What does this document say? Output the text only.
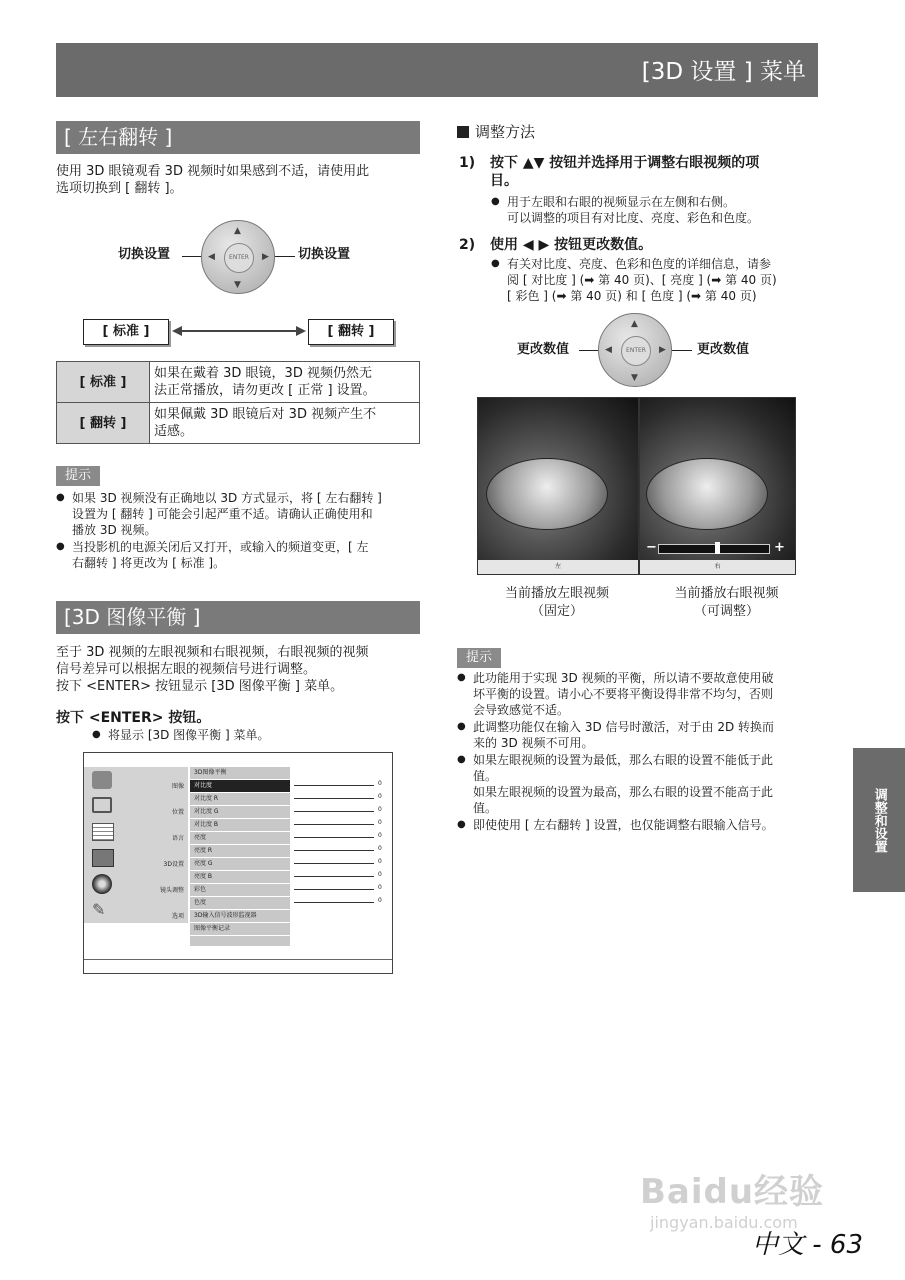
[3D 设置 ] 菜单
[ 左右翻转 ]
使用 3D 眼镜观看 3D 视频时如果感到不适，请使用此
选项切换到 [ 翻转 ]。
切换设置
▲
▼
◀	▶
ENTER	切换设置
[ 标准 ]	[ 翻转 ]
[ 标准 ]	如果在戴着 3D 眼镜，3D 视频仍然无
法正常播放，请勿更改 [ 正常 ] 设置。

[ 翻转 ]	如果佩戴 3D 眼镜后对 3D 视频产生不
适感。
提示
● 如果 3D 视频没有正确地以 3D 方式显示，将 [ 左右翻转 ]
设置为 [ 翻转 ] 可能会引起严重不适。请确认正确使用和
播放 3D 视频。
● 当投影机的电源关闭后又打开，或输入的频道变更，[ 左
右翻转 ] 将更改为 [ 标准 ]。
[3D 图像平衡 ]
至于 3D 视频的左眼视频和右眼视频，右眼视频的视频
信号差异可以根据左眼的视频信号进行调整。
按下 <ENTER> 按钮显示 [3D 图像平衡 ] 菜单。
按下 <ENTER> 按钮。
● 将显示 [3D 图像平衡 ] 菜单。
✎
图像
位置
语言
3D设置
镜头调整
选项
3D图像平衡
对比度
对比度 R
对比度 G
对比度 B
亮度
亮度 R
亮度 G
亮度 B
彩色
色度
3D输入信号波形监视器
图像平衡记录
0
0
0
0
0
0
0
0
0
0
调整方法
1) 按下 ▲▼ 按钮并选择用于调整右眼视频的项
目。
● 用于左眼和右眼的视频显示在左侧和右侧。
可以调整的项目有对比度、亮度、彩色和色度。
2) 使用 ◀ ▶ 按钮更改数值。
● 有关对比度、亮度、色彩和色度的详细信息，请参
阅 [ 对比度 ] (➡ 第 40 页)、[ 亮度 ] (➡ 第 40 页)
[ 彩色 ] (➡ 第 40 页) 和 [ 色度 ] (➡ 第 40 页)
更改数值
▲
▼
◀	▶
ENTER	更改数值
左
−	+
右
当前播放左眼视频
（固定）
当前播放右眼视频
（可调整）
提示
● 此功能用于实现 3D 视频的平衡，所以请不要故意使用破
坏平衡的设置。请小心不要将平衡设得非常不均匀，否则
会导致感觉不适。
● 此调整功能仅在输入 3D 信号时激活，对于由 2D 转换而
来的 3D 视频不可用。
● 如果左眼视频的设置为最低，那么右眼的设置不能低于此
值。
如果左眼视频的设置为最高，那么右眼的设置不能高于此
值。
● 即使使用 [ 左右翻转 ] 设置，也仅能调整右眼输入信号。	调整和设置
Baidu经验
jingyan.baidu.com
中文 - 63
